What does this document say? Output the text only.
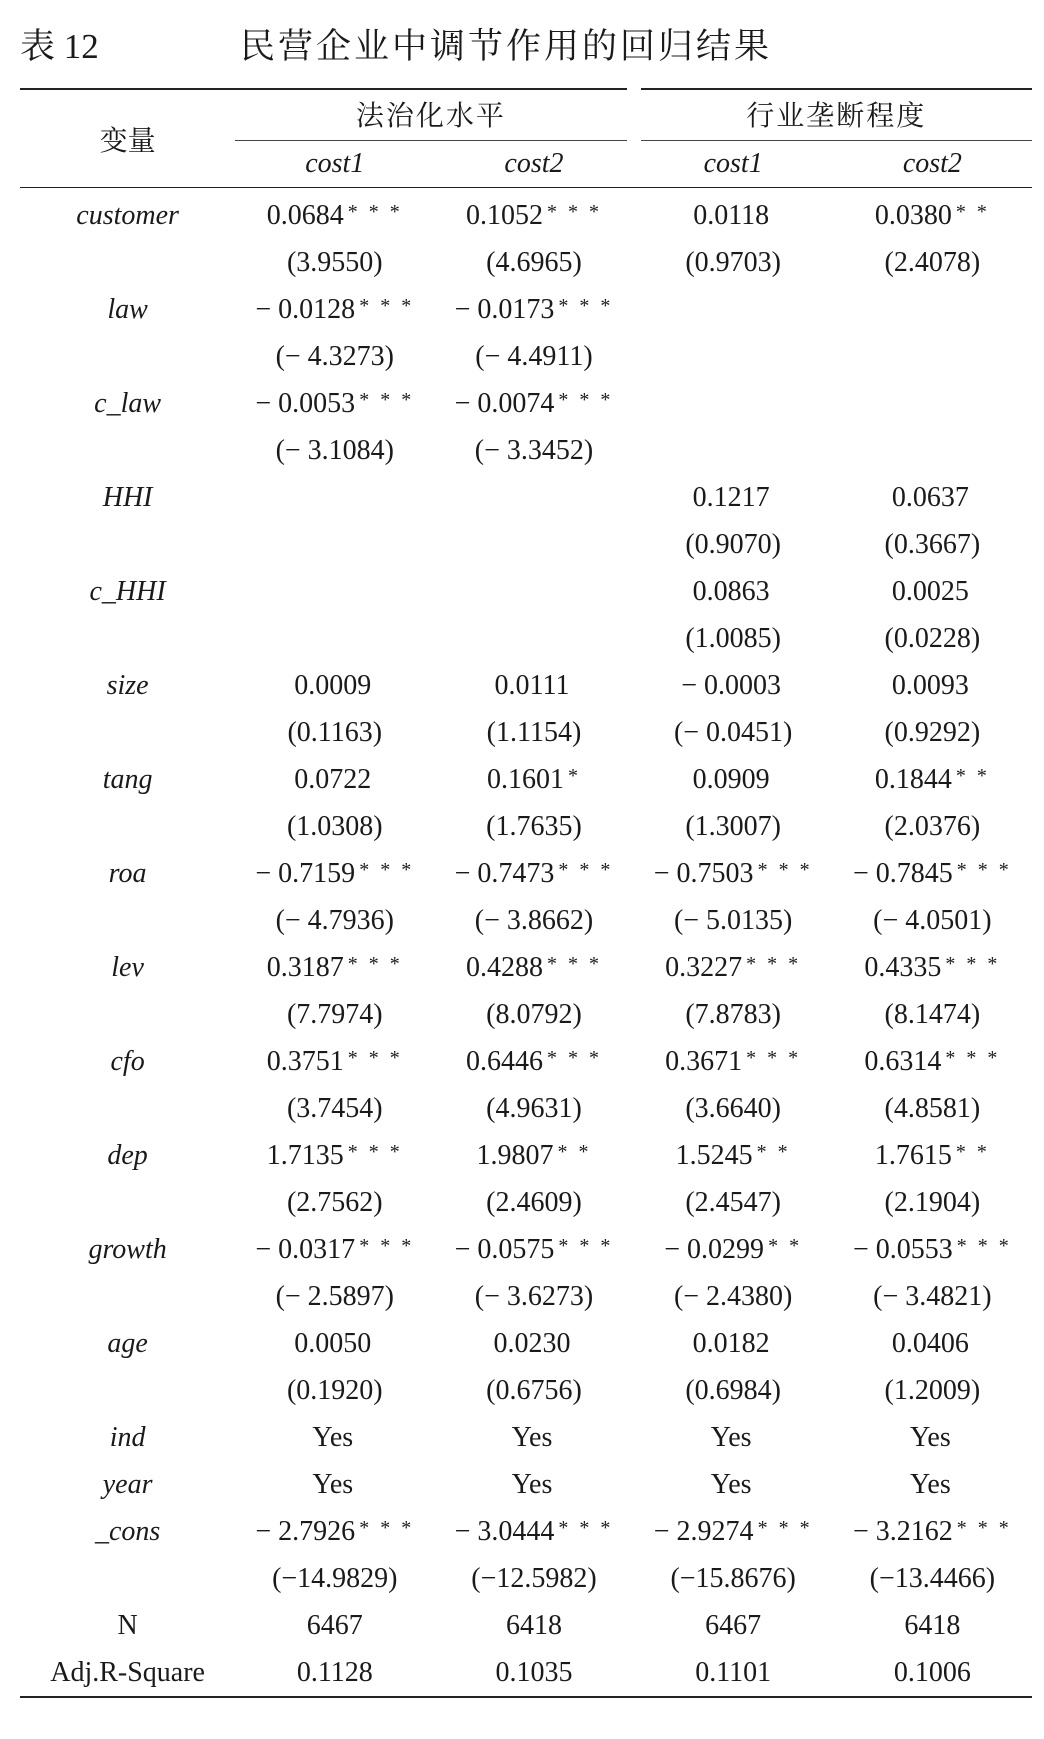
表 12	民营企业中调节作用的回归结果
变量	法治化水平		行业垄断程度	
	cost1	cost2	cost1	cost2
customer	0.0684 * * *	0.1052 * * *	0.0118	0.0380 * *
	(3.9550)	(4.6965)	(0.9703)	(2.4078)
law	− 0.0128 * * *	− 0.0173 * * *		
	(− 4.3273)	(− 4.4911)		
c_law	− 0.0053 * * *	− 0.0074 * * *		
	(− 3.1084)	(− 3.3452)		
HHI			0.1217	0.0637
			(0.9070)	(0.3667)
c_HHI			0.0863	0.0025
			(1.0085)	(0.0228)
size	0.0009	0.0111	− 0.0003	0.0093
	(0.1163)	(1.1154)	(− 0.0451)	(0.9292)
tang	0.0722	0.1601 *	0.0909	0.1844 * *
	(1.0308)	(1.7635)	(1.3007)	(2.0376)
roa	− 0.7159 * * *	− 0.7473 * * *	− 0.7503 * * *	− 0.7845 * * *
	(− 4.7936)	(− 3.8662)	(− 5.0135)	(− 4.0501)
lev	0.3187 * * *	0.4288 * * *	0.3227 * * *	0.4335 * * *
	(7.7974)	(8.0792)	(7.8783)	(8.1474)
cfo	0.3751 * * *	0.6446 * * *	0.3671 * * *	0.6314 * * *
	(3.7454)	(4.9631)	(3.6640)	(4.8581)
dep	1.7135 * * *	1.9807 * *	1.5245 * *	1.7615 * *
	(2.7562)	(2.4609)	(2.4547)	(2.1904)
growth	− 0.0317 * * *	− 0.0575 * * *	− 0.0299 * *	− 0.0553 * * *
	(− 2.5897)	(− 3.6273)	(− 2.4380)	(− 3.4821)
age	0.0050	0.0230	0.0182	0.0406
	(0.1920)	(0.6756)	(0.6984)	(1.2009)
ind	Yes	Yes	Yes	Yes
year	Yes	Yes	Yes	Yes
_cons	− 2.7926 * * *	− 3.0444 * * *	− 2.9274 * * *	− 3.2162 * * *
	(−14.9829)	(−12.5982)	(−15.8676)	(−13.4466)
N	6467	6418	6467	6418
Adj.R-Square	0.1128	0.1035	0.1101	0.1006
